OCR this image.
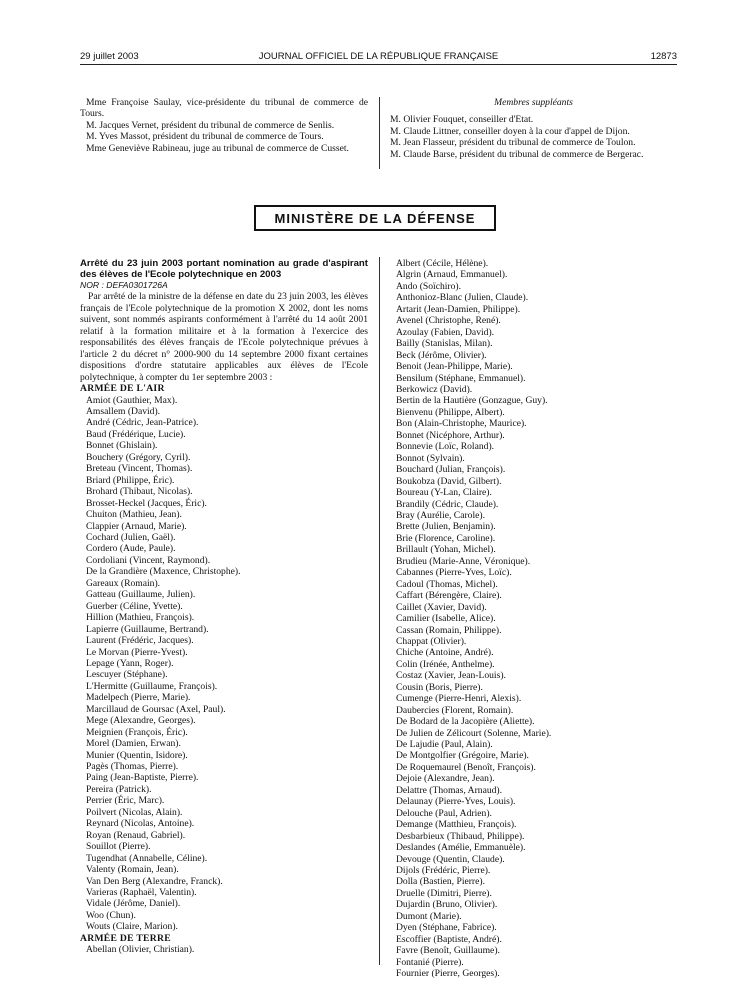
29 juillet 2003	JOURNAL OFFICIEL DE LA RÉPUBLIQUE FRANÇAISE	12873

Mme Françoise Saulay, vice-présidente du tribunal de commerce de Tours.

M. Jacques Vernet, président du tribunal de commerce de Senlis.

M. Yves Massot, président du tribunal de commerce de Tours.

Mme Geneviève Rabineau, juge au tribunal de commerce de Cusset.

Membres suppléants

M. Olivier Fouquet, conseiller d'Etat.

M. Claude Littner, conseiller doyen à la cour d'appel de Dijon.

M. Jean Flasseur, président du tribunal de commerce de Toulon.

M. Claude Barse, président du tribunal de commerce de Bergerac.

MINISTÈRE DE LA DÉFENSE

Arrêté du 23 juin 2003 portant nomination au grade d'aspirant des élèves de l'Ecole polytechnique en 2003

NOR : DEFA0301726A

Par arrêté de la ministre de la défense en date du 23 juin 2003, les élèves français de l'Ecole polytechnique de la promotion X 2002, dont les noms suivent, sont nommés aspirants conformément à l'arrêté du 14 août 2001 relatif à la formation militaire et à la formation à l'exercice des responsabilités des élèves français de l'Ecole polytechnique prévues à l'article 2 du décret n° 2000-900 du 14 septembre 2000 fixant certaines dispositions d'ordre statutaire applicables aux élèves de l'Ecole polytechnique, à compter du 1er septembre 2003 :

ARMÉE DE L'AIR

Amiot (Gauthier, Max).
Amsallem (David).
André (Cédric, Jean-Patrice).
Baud (Frédérique, Lucie).
Bonnet (Ghislain).
Bouchery (Grégory, Cyril).
Breteau (Vincent, Thomas).
Briard (Philippe, Éric).
Brohard (Thibaut, Nicolas).
Brosset-Heckel (Jacques, Éric).
Chuiton (Mathieu, Jean).
Clappier (Arnaud, Marie).
Cochard (Julien, Gaël).
Cordero (Aude, Paule).
Cordoliani (Vincent, Raymond).
De la Grandière (Maxence, Christophe).
Gareaux (Romain).
Gatteau (Guillaume, Julien).
Guerber (Céline, Yvette).
Hillion (Mathieu, François).
Lapierre (Guillaume, Bertrand).
Laurent (Frédéric, Jacques).
Le Morvan (Pierre-Yvest).
Lepage (Yann, Roger).
Lescuyer (Stéphane).
L'Hermitte (Guillaume, François).
Madelpech (Pierre, Marie).
Marcillaud de Goursac (Axel, Paul).
Mege (Alexandre, Georges).
Meignien (François, Éric).
Morel (Damien, Erwan).
Munier (Quentin, Isidore).
Pagès (Thomas, Pierre).
Paing (Jean-Baptiste, Pierre).
Pereira (Patrick).
Perrier (Éric, Marc).
Poilvert (Nicolas, Alain).
Reynard (Nicolas, Antoine).
Royan (Renaud, Gabriel).
Souillot (Pierre).
Tugendhat (Annabelle, Céline).
Valenty (Romain, Jean).
Van Den Berg (Alexandre, Franck).
Varieras (Raphaël, Valentin).
Vidale (Jérôme, Daniel).
Woo (Chun).
Wouts (Claire, Marion).

ARMÉE DE TERRE

Abellan (Olivier, Christian).
Albert (Cécile, Hélène).
Algrin (Arnaud, Emmanuel).
Ando (Soïchiro).
Anthonioz-Blanc (Julien, Claude).
Artarit (Jean-Damien, Philippe).
Avenel (Christophe, René).
Azoulay (Fabien, David).
Bailly (Stanislas, Milan).
Beck (Jérôme, Olivier).
Benoit (Jean-Philippe, Marie).
Bensilum (Stéphane, Emmanuel).
Berkowicz (David).
Bertin de la Hautière (Gonzague, Guy).
Bienvenu (Philippe, Albert).
Bon (Alain-Christophe, Maurice).
Bonnet (Nicéphore, Arthur).
Bonnevie (Loïc, Roland).
Bonnot (Sylvain).
Bouchard (Julian, François).
Boukobza (David, Gilbert).
Boureau (Y-Lan, Claire).
Brandily (Cédric, Claude).
Bray (Aurélie, Carole).
Brette (Julien, Benjamin).
Brie (Florence, Caroline).
Brillault (Yohan, Michel).
Brudieu (Marie-Anne, Véronique).
Cabannes (Pierre-Yves, Loïc).
Cadoul (Thomas, Michel).
Caffart (Bérengère, Claire).
Caillet (Xavier, David).
Camilier (Isabelle, Alice).
Cassan (Romain, Philippe).
Chappat (Olivier).
Chiche (Antoine, André).
Colin (Irénée, Anthelme).
Costaz (Xavier, Jean-Louis).
Cousin (Boris, Pierre).
Cumenge (Pierre-Henri, Alexis).
Daubercies (Florent, Romain).
De Bodard de la Jacopière (Aliette).
De Julien de Zélicourt (Solenne, Marie).
De Lajudie (Paul, Alain).
De Montgolfier (Grégoire, Marie).
De Roquemaurel (Benoît, François).
Dejoie (Alexandre, Jean).
Delattre (Thomas, Arnaud).
Delaunay (Pierre-Yves, Louis).
Delouche (Paul, Adrien).
Demange (Matthieu, François).
Desbarbieux (Thibaud, Philippe).
Deslandes (Amélie, Emmanuèle).
Devouge (Quentin, Claude).
Dijols (Frédéric, Pierre).
Dolla (Bastien, Pierre).
Druelle (Dimitri, Pierre).
Dujardin (Bruno, Olivier).
Dumont (Marie).
Dyen (Stéphane, Fabrice).
Escoffier (Baptiste, André).
Favre (Benoît, Guillaume).
Fontanié (Pierre).
Fournier (Pierre, Georges).
